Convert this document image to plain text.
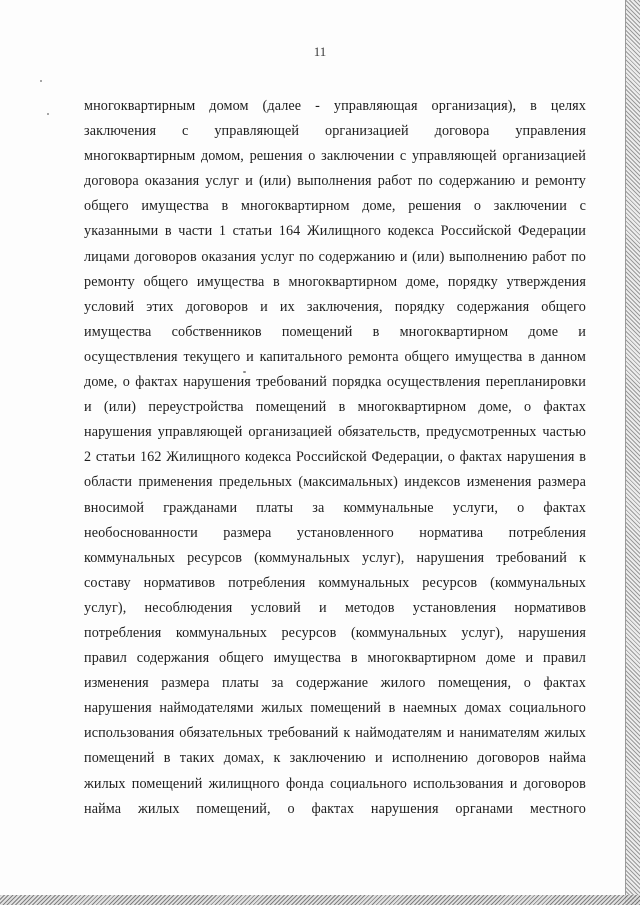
11
многоквартирным домом (далее - управляющая организация), в целях
заключения с управляющей организацией договора управления
многоквартирным домом, решения о заключении с управляющей организацией
договора оказания услуг и (или) выполнения работ по содержанию и ремонту
общего имущества в многоквартирном доме, решения о заключении с
указанными в части 1 статьи 164 Жилищного кодекса Российской Федерации
лицами договоров оказания услуг по содержанию и (или) выполнению работ по
ремонту общего имущества в многоквартирном доме, порядку утверждения
условий этих договоров и их заключения, порядку содержания общего
имущества собственников помещений в многоквартирном доме и
осуществления текущего и капитального ремонта общего имущества в данном
доме, о фактах нарушения требований порядка осуществления перепланировки
и (или) переустройства помещений в многоквартирном доме, о фактах
нарушения управляющей организацией обязательств, предусмотренных частью
2 статьи 162 Жилищного кодекса Российской Федерации, о фактах нарушения в
области применения предельных (максимальных) индексов изменения размера
вносимой гражданами платы за коммунальные услуги, о фактах
необоснованности размера установленного норматива потребления
коммунальных ресурсов (коммунальных услуг), нарушения требований к
составу нормативов потребления коммунальных ресурсов (коммунальных
услуг), несоблюдения условий и методов установления нормативов
потребления коммунальных ресурсов (коммунальных услуг), нарушения
правил содержания общего имущества в многоквартирном доме и правил
изменения размера платы за содержание жилого помещения, о фактах
нарушения наймодателями жилых помещений в наемных домах социального
использования обязательных требований к наймодателям и нанимателям жилых
помещений в таких домах, к заключению и исполнению договоров найма
жилых помещений жилищного фонда социального использования и договоров
найма жилых помещений, о фактах нарушения органами местного
